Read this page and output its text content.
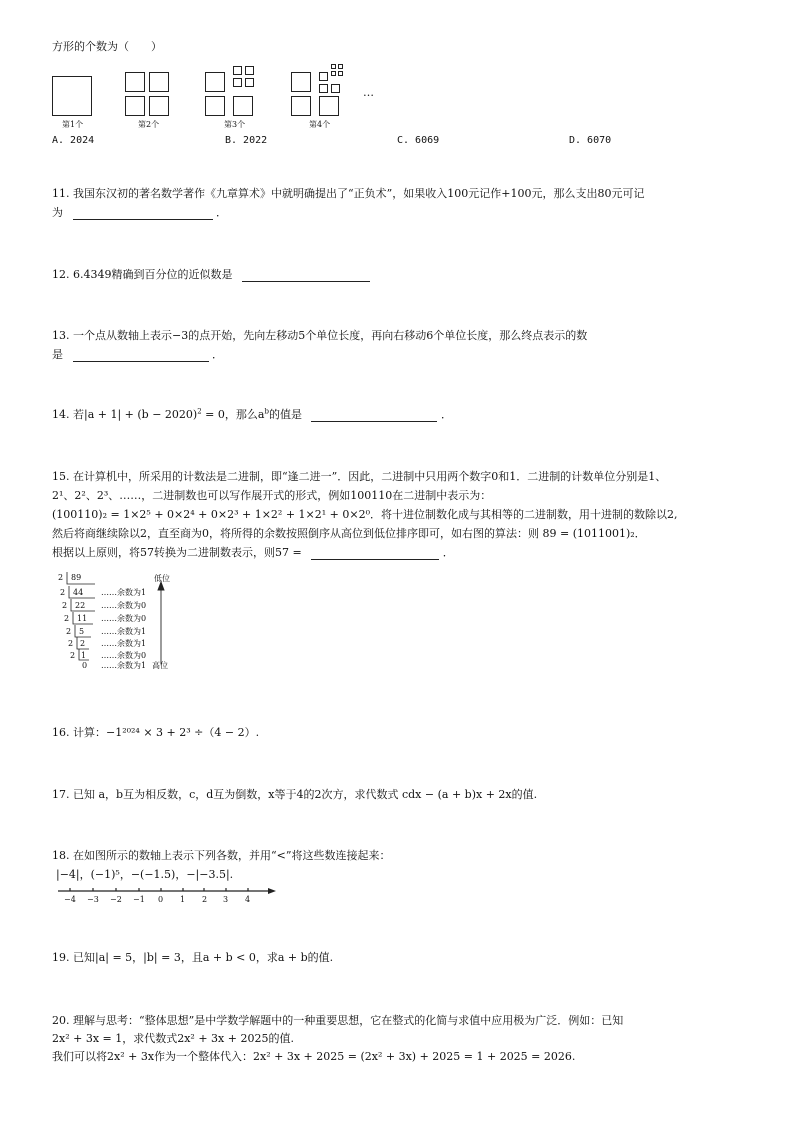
方形的个数为（　　）
…
第1个	第2个	第3个	第4个
A. 2024	B. 2022	C. 6069	D. 6070
11. 我国东汉初的著名数学著作《九章算术》中就明确提出了“正负术”，如果收入100元记作+100元，那么支出80元可记
为	．
12. 6.4349精确到百分位的近似数是
13. 一个点从数轴上表示−3的点开始，先向左移动5个单位长度，再向右移动6个单位长度，那么终点表示的数
是	．
14. 若$|a + 1| + (b - 2020)^2 = 0$，那么$a^b$的值是	．
15. 在计算机中，所采用的计数法是二进制，即“逢二进一”．因此，二进制中只用两个数字0和1．二进制的计数单位分别是1、
2¹、2²、2³、……，二进制数也可以写作展开式的形式，例如100110在二进制中表示为：
(100110)₂ = 1×2⁵ + 0×2⁴ + 0×2³ + 1×2² + 1×2¹ + 0×2⁰．将十进位制数化成与其相等的二进制数，用十进制的数除以2,
然后将商继续除以2，直至商为0，将所得的余数按照倒序从高位到低位排序即可，如右图的算法：则 89 = (1011001)₂．
根据以上原则，将57转换为二进制数表示，则57 =	．
2 89
2 44 ……余数为1
2 22 ……余数为0
2 11 ……余数为0
2 5 ……余数为1
2 2 ……余数为1
2 1 ……余数为0
0 ……余数为1
低位
高位
16. 计算：−1²⁰²⁴ × 3 + 2³ ÷（4 − 2）.
17. 已知 a，b互为相反数，c，d互为倒数，x等于4的2次方，求代数式 cdx − (a + b)x + 2x的值.
18. 在如图所示的数轴上表示下列各数，并用“<”将这些数连接起来：
|−4|，(−1)⁵，−(−1.5)，−|−3.5|.
−4 −3 −2 −1 0 1 2 3 4
19. 已知|a| = 5，|b| = 3，且a + b < 0，求a + b的值.
20. 理解与思考：“整体思想”是中学数学解题中的一种重要思想，它在整式的化简与求值中应用极为广泛．例如：已知
2x² + 3x = 1，求代数式2x² + 3x + 2025的值.
我们可以将2x² + 3x作为一个整体代入：2x² + 3x + 2025 = (2x² + 3x) + 2025 = 1 + 2025 = 2026.
